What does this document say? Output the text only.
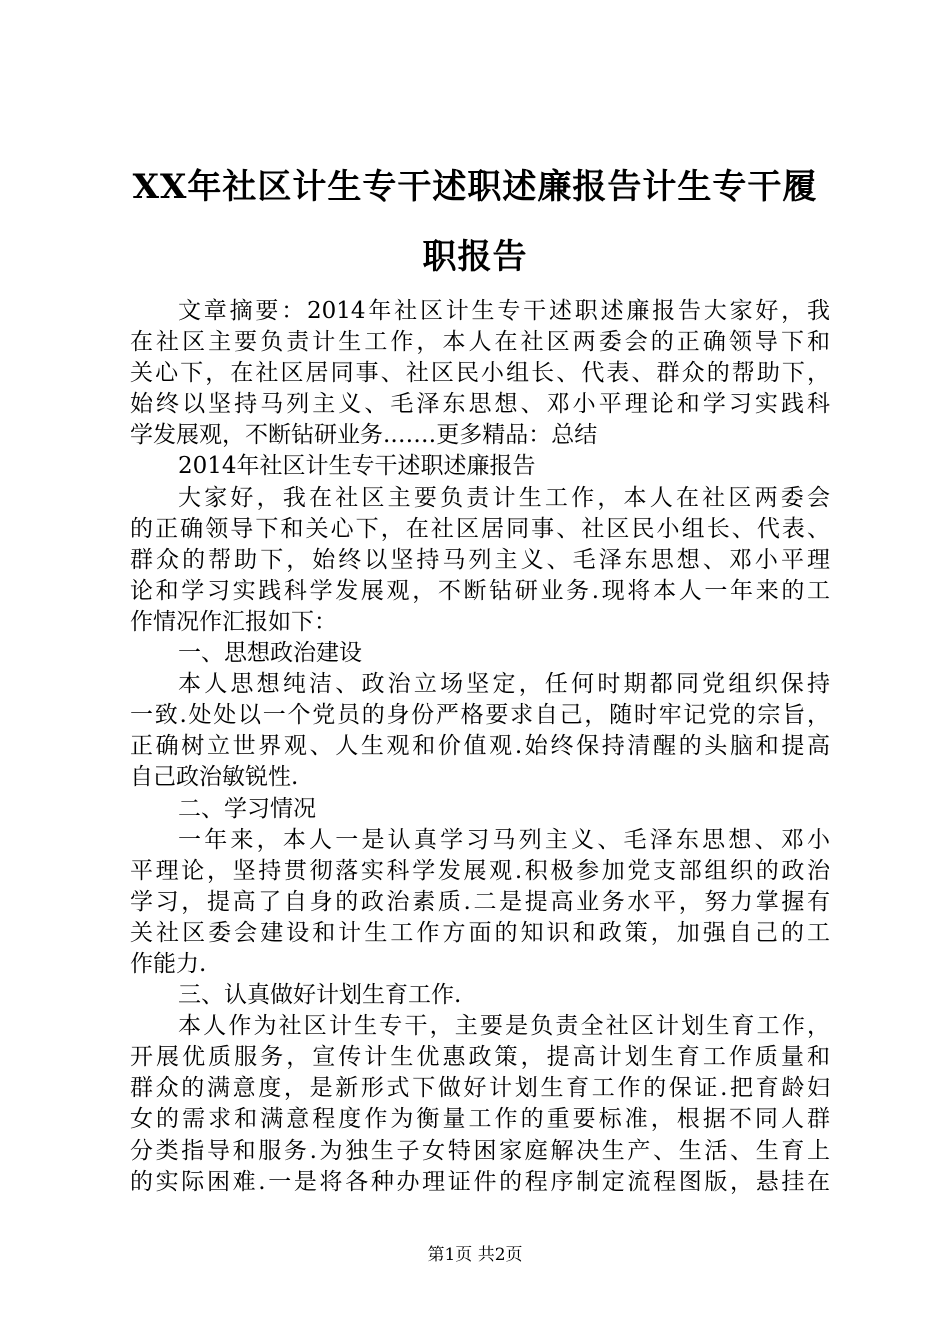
XX年社区计生专干述职述廉报告计生专干履
职报告
文章摘要：2014年社区计生专干述职述廉报告大家好，我
在社区主要负责计生工作，本人在社区两委会的正确领导下和
关心下，在社区居同事、社区民小组长、代表、群众的帮助下，
始终以坚持马列主义、毛泽东思想、邓小平理论和学习实践科
学发展观，不断钻研业务.……更多精品：总结
2014年社区计生专干述职述廉报告
大家好，我在社区主要负责计生工作，本人在社区两委会
的正确领导下和关心下，在社区居同事、社区民小组长、代表、
群众的帮助下，始终以坚持马列主义、毛泽东思想、邓小平理
论和学习实践科学发展观，不断钻研业务.现将本人一年来的工
作情况作汇报如下：
一、思想政治建设
本人思想纯洁、政治立场坚定，任何时期都同党组织保持
一致.处处以一个党员的身份严格要求自己，随时牢记党的宗旨，
正确树立世界观、人生观和价值观.始终保持清醒的头脑和提高
自己政治敏锐性.
二、学习情况
一年来，本人一是认真学习马列主义、毛泽东思想、邓小
平理论，坚持贯彻落实科学发展观.积极参加党支部组织的政治
学习，提高了自身的政治素质.二是提高业务水平，努力掌握有
关社区委会建设和计生工作方面的知识和政策，加强自己的工
作能力.
三、认真做好计划生育工作.
本人作为社区计生专干，主要是负责全社区计划生育工作，
开展优质服务，宣传计生优惠政策，提高计划生育工作质量和
群众的满意度，是新形式下做好计划生育工作的保证.把育龄妇
女的需求和满意程度作为衡量工作的重要标准，根据不同人群
分类指导和服务.为独生子女特困家庭解决生产、生活、生育上
的实际困难.一是将各种办理证件的程序制定流程图版，悬挂在
第1页 共2页
